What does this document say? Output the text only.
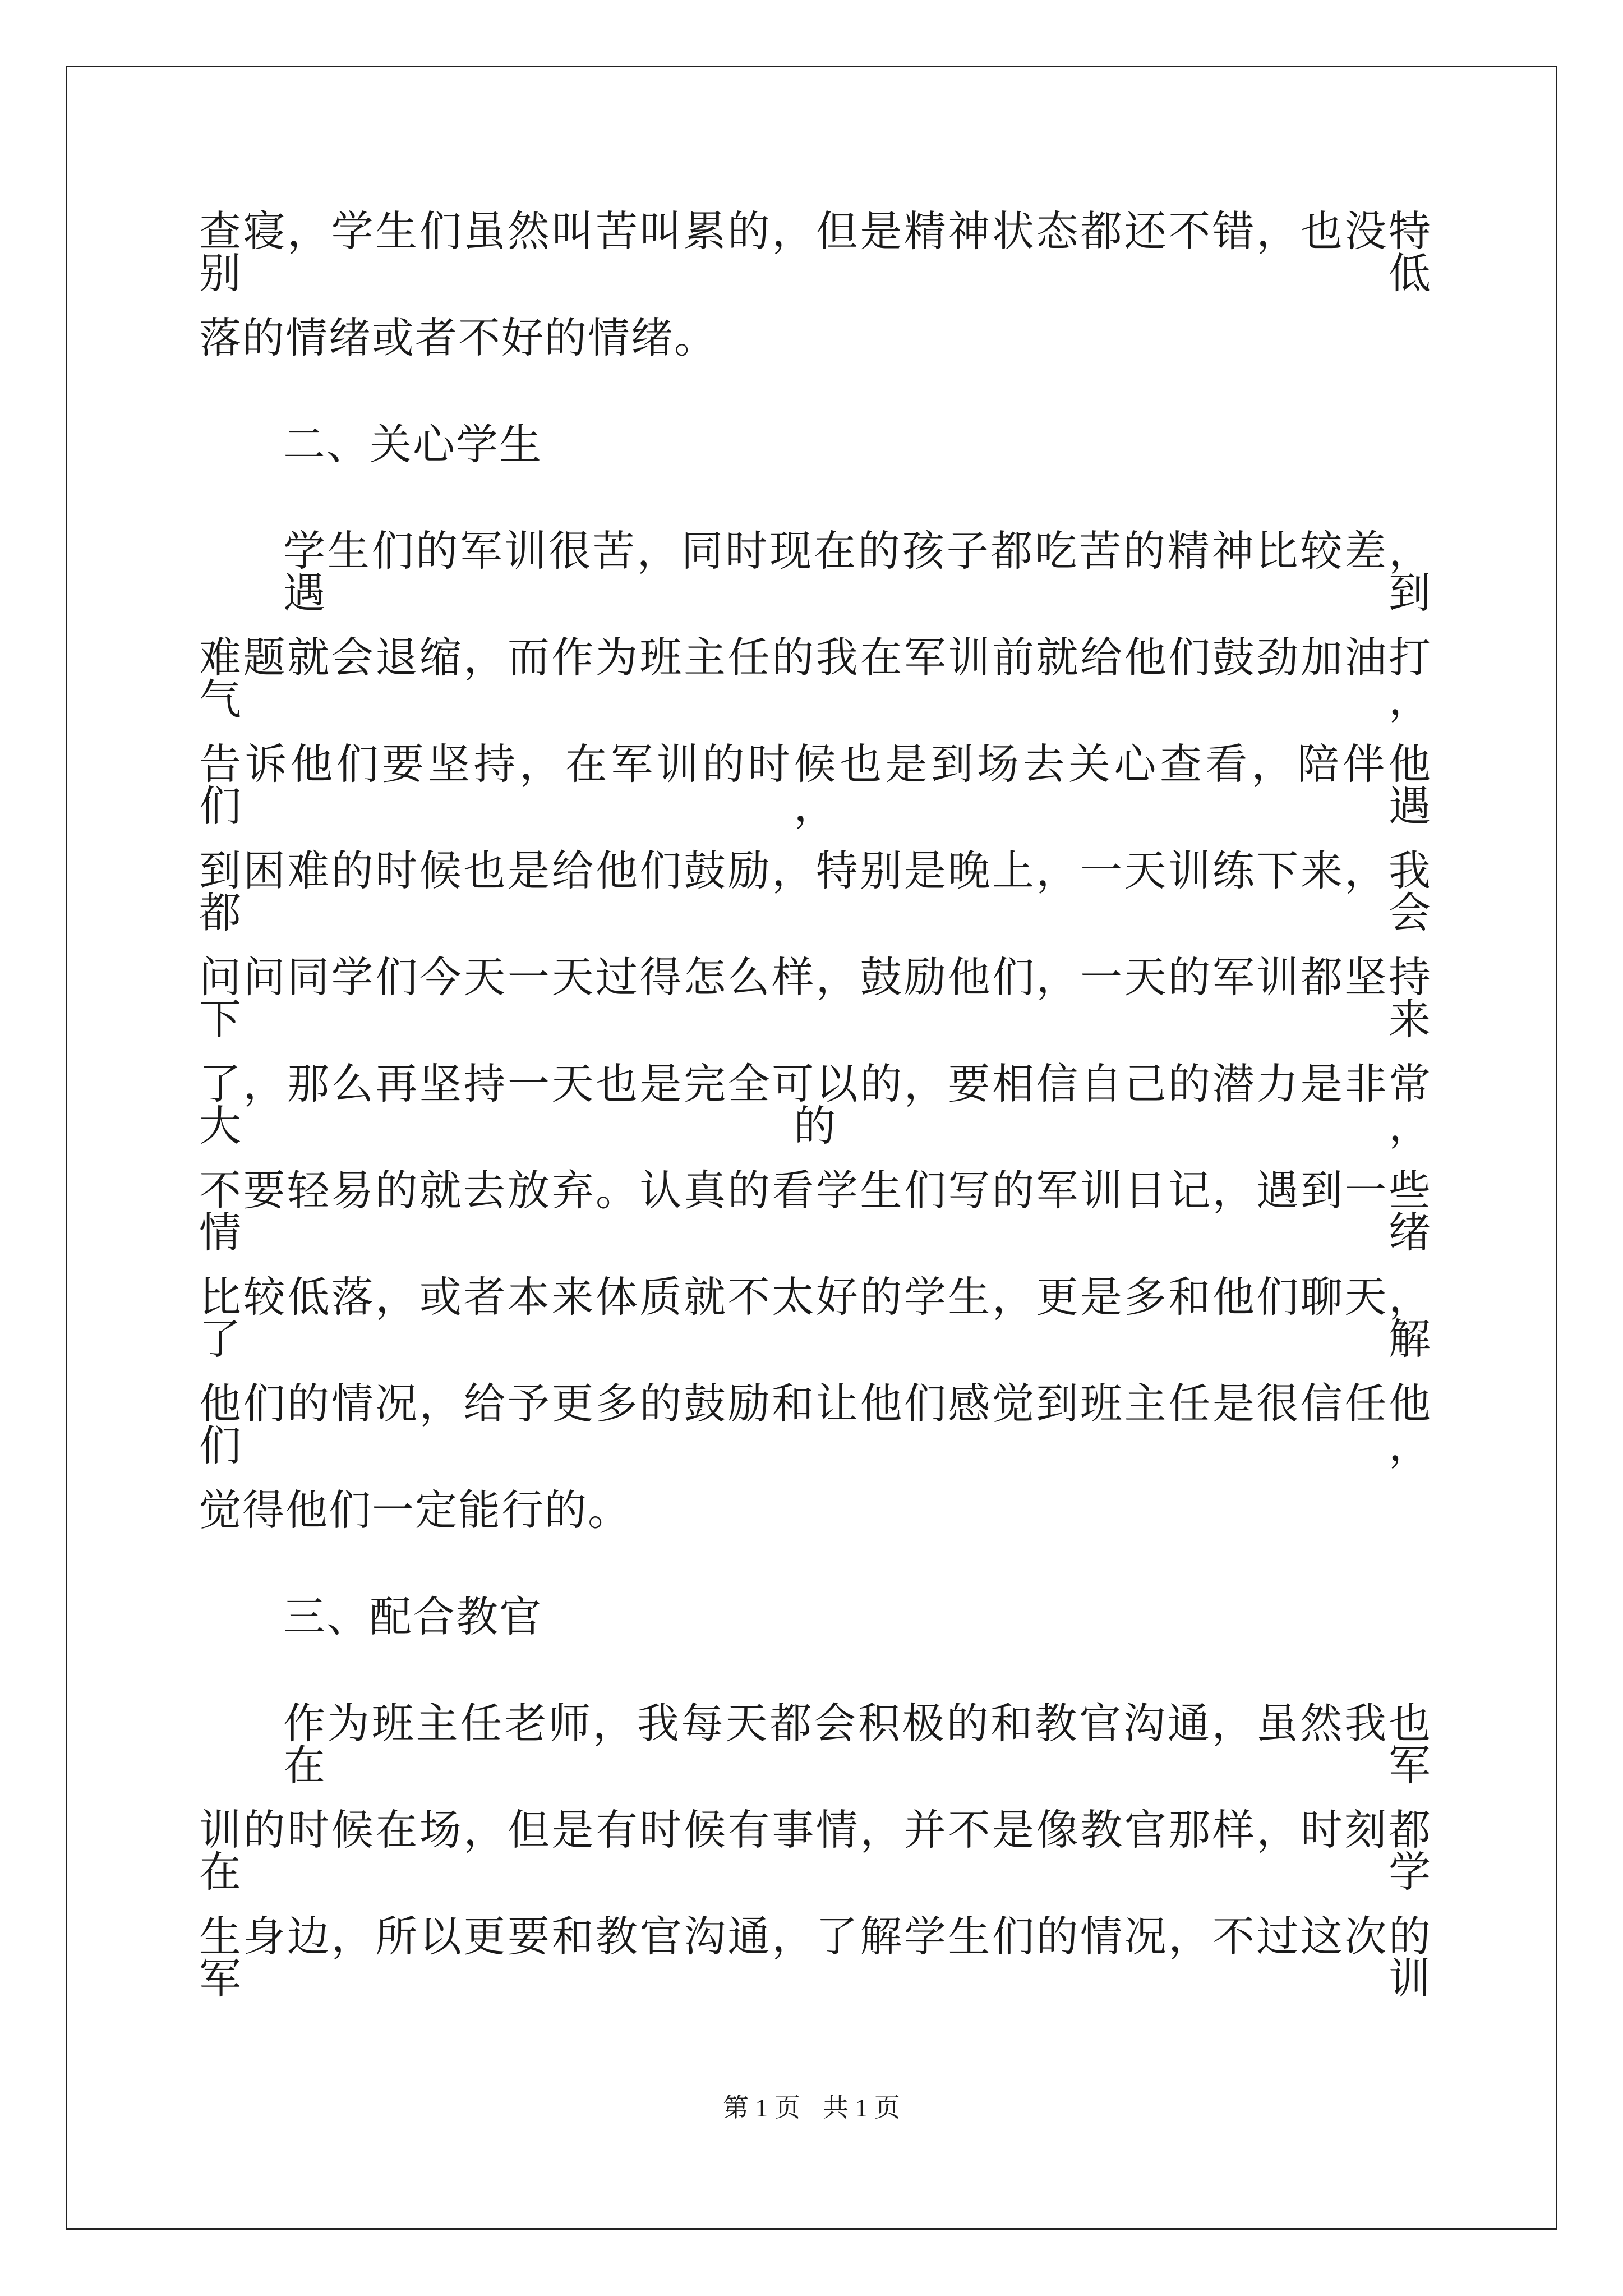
查寝，学生们虽然叫苦叫累的，但是精神状态都还不错，也没特别低
落的情绪或者不好的情绪。
二、关心学生
学生们的军训很苦，同时现在的孩子都吃苦的精神比较差，遇到
难题就会退缩，而作为班主任的我在军训前就给他们鼓劲加油打气，
告诉他们要坚持，在军训的时候也是到场去关心查看，陪伴他们，遇
到困难的时候也是给他们鼓励，特别是晚上，一天训练下来，我都会
问问同学们今天一天过得怎么样，鼓励他们，一天的军训都坚持下来
了，那么再坚持一天也是完全可以的，要相信自己的潜力是非常大的，
不要轻易的就去放弃。认真的看学生们写的军训日记，遇到一些情绪
比较低落，或者本来体质就不太好的学生，更是多和他们聊天，了解
他们的情况，给予更多的鼓励和让他们感觉到班主任是很信任他们，
觉得他们一定能行的。
三、配合教官
作为班主任老师，我每天都会积极的和教官沟通，虽然我也在军
训的时候在场，但是有时候有事情，并不是像教官那样，时刻都在学
生身边，所以更要和教官沟通，了解学生们的情况，不过这次的军训
第 1 页 共 1 页
